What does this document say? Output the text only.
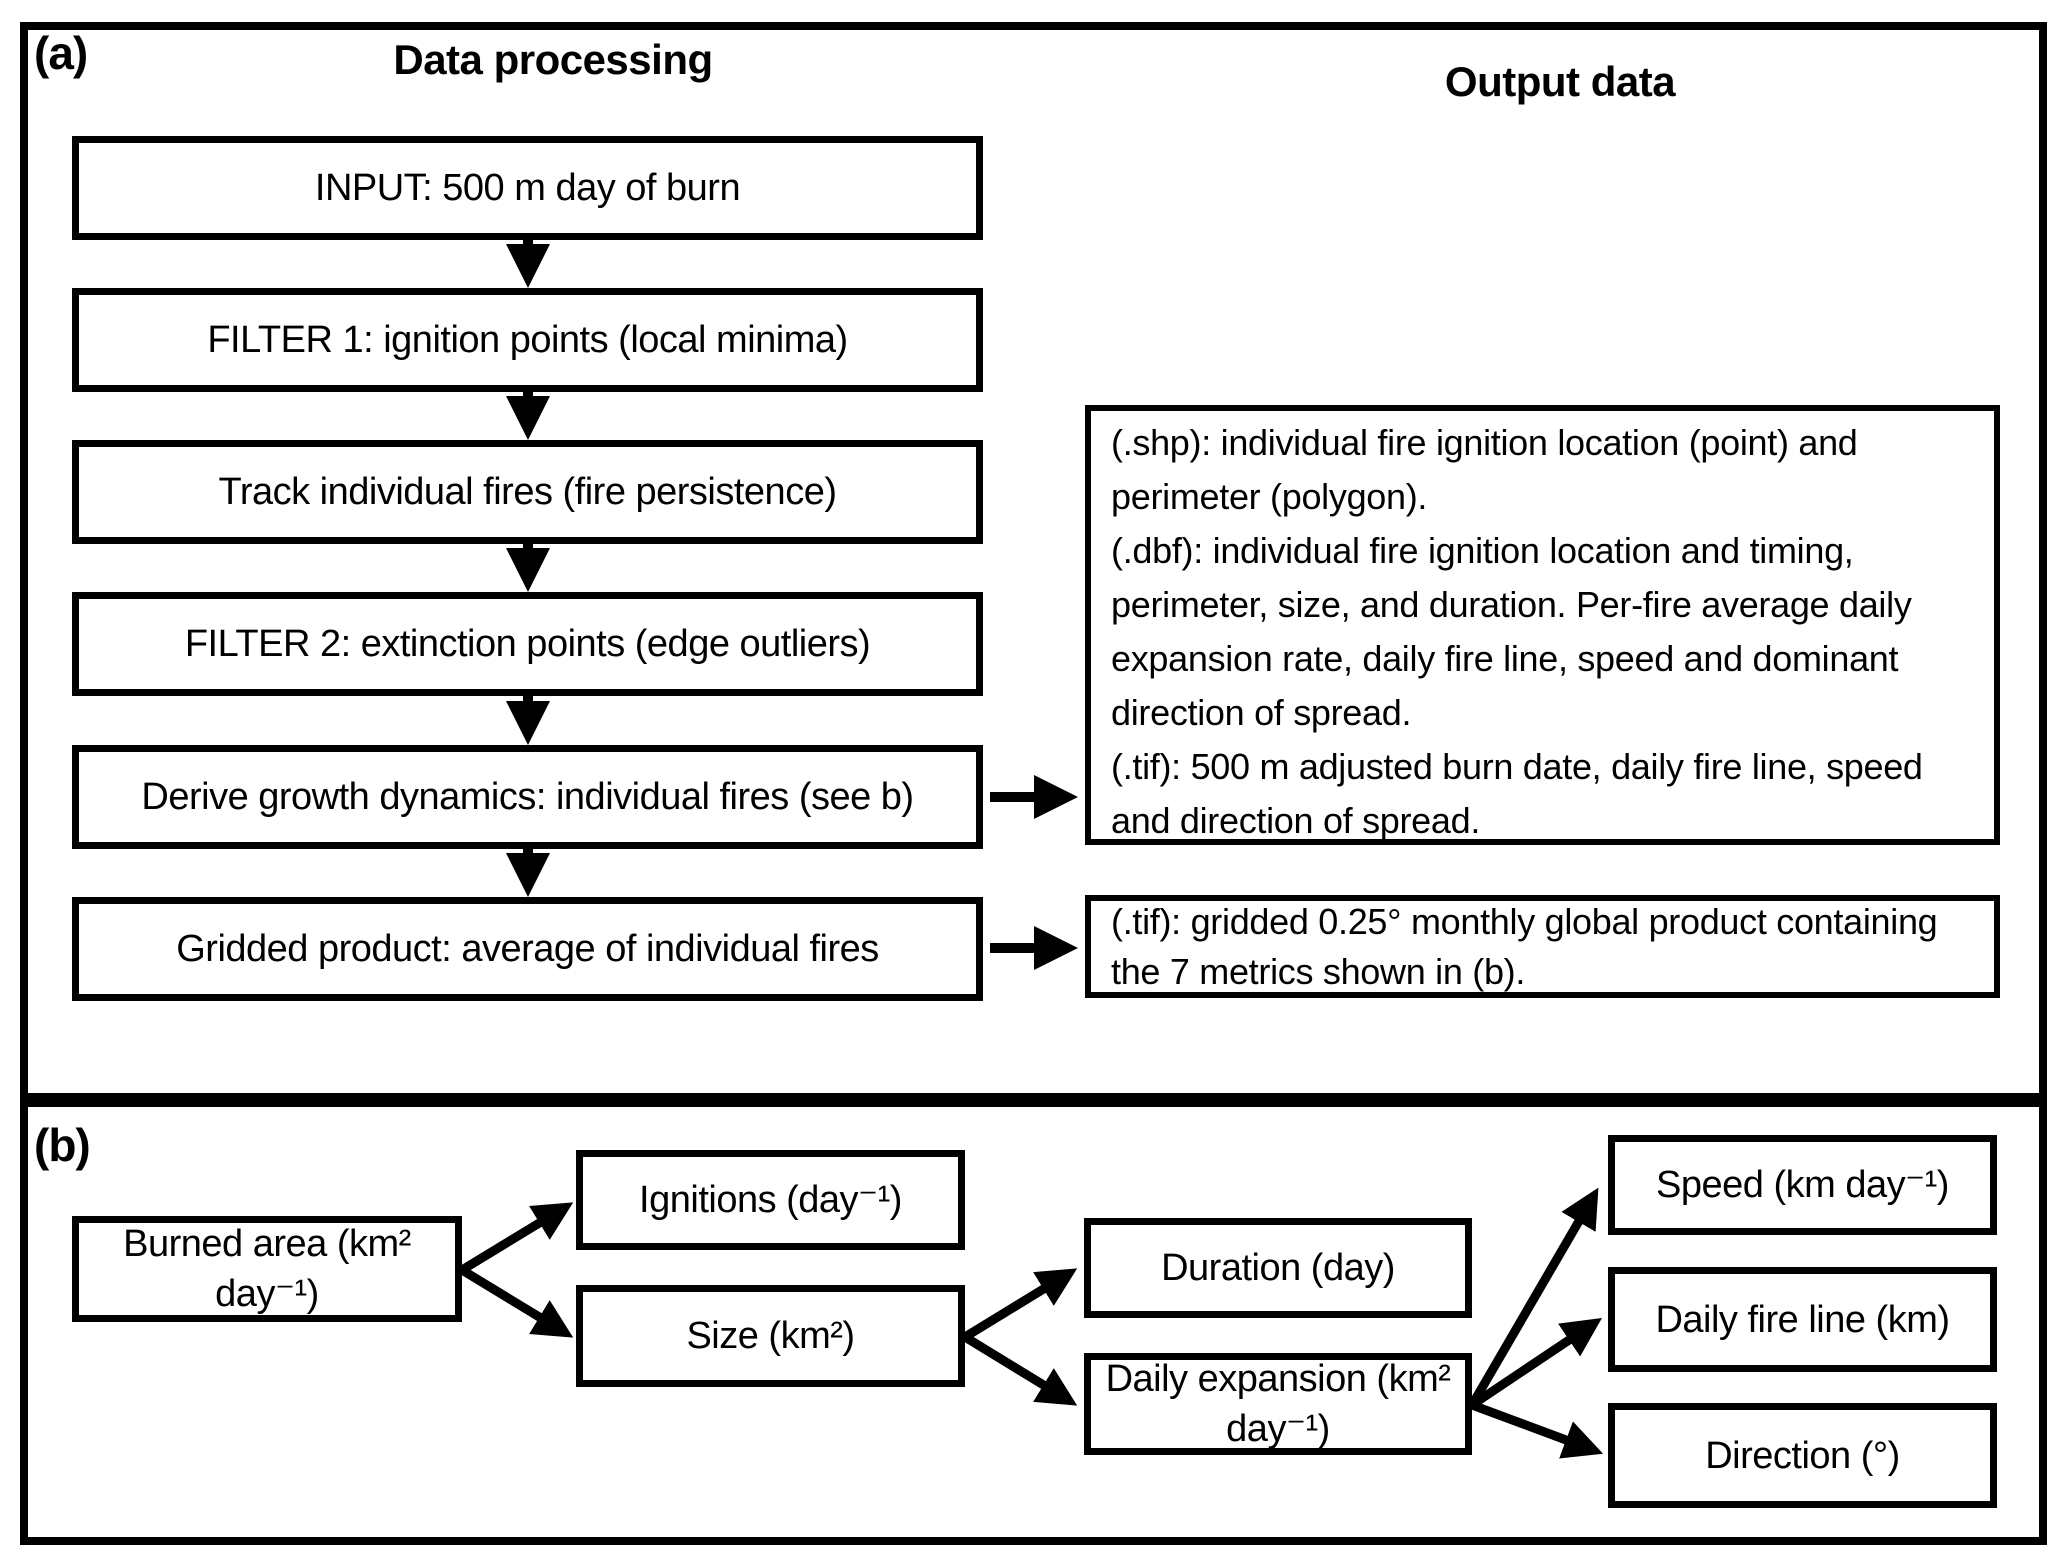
(a)	Data processing	Output data
INPUT: 500 m day of burn
FILTER 1: ignition points (local minima)
Track individual fires (fire persistence)
FILTER 2: extinction points (edge outliers)
Derive growth dynamics: individual fires (see b)
Gridded product: average of individual fires
(.shp): individual fire ignition location (point) and perimeter (polygon).
(.dbf): individual fire ignition location and timing, perimeter, size, and duration. Per-fire average daily expansion rate, daily fire line, speed and dominant direction of spread.
(.tif): 500 m adjusted burn date, daily fire line, speed and direction of spread.
(.tif): gridded 0.25° monthly global product containing the 7 metrics shown in (b).
(b)
Burned area (km² day⁻¹)
Ignitions (day⁻¹)
Size (km²)
Duration (day)
Daily expansion (km² day⁻¹)
Speed (km day⁻¹)
Daily fire line (km)
Direction (°)
